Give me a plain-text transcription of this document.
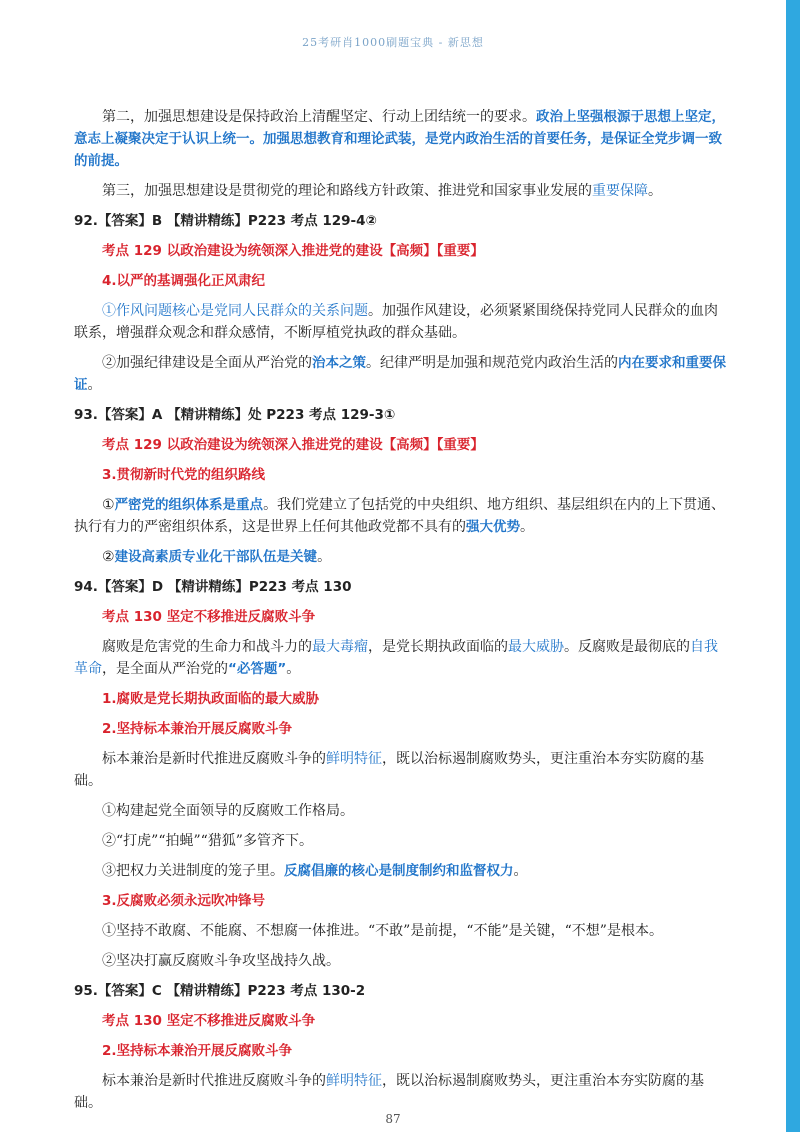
25考研肖1000刷题宝典 - 新思想

第二，加强思想建设是保持政治上清醒坚定、行动上团结统一的要求。政治上坚强根源于思想上坚定，意志上凝聚决定于认识上统一。加强思想教育和理论武装，是党内政治生活的首要任务，是保证全党步调一致的前提。

第三，加强思想建设是贯彻党的理论和路线方针政策、推进党和国家事业发展的重要保障。

92.【答案】B 【精讲精练】P223 考点 129-4②
考点 129 以政治建设为统领深入推进党的建设【高频】【重要】
4.以严的基调强化正风肃纪

①作风问题核心是党同人民群众的关系问题。加强作风建设，必须紧紧围绕保持党同人民群众的血肉联系，增强群众观念和群众感情，不断厚植党执政的群众基础。

②加强纪律建设是全面从严治党的治本之策。纪律严明是加强和规范党内政治生活的内在要求和重要保证。

93.【答案】A 【精讲精练】处 P223 考点 129-3①
考点 129 以政治建设为统领深入推进党的建设【高频】【重要】
3.贯彻新时代党的组织路线

①严密党的组织体系是重点。我们党建立了包括党的中央组织、地方组织、基层组织在内的上下贯通、执行有力的严密组织体系，这是世界上任何其他政党都不具有的强大优势。

②建设高素质专业化干部队伍是关键。

94.【答案】D 【精讲精练】P223 考点 130
考点 130 坚定不移推进反腐败斗争

腐败是危害党的生命力和战斗力的最大毒瘤，是党长期执政面临的最大威胁。反腐败是最彻底的自我革命，是全面从严治党的“必答题”。

1.腐败是党长期执政面临的最大威胁
2.坚持标本兼治开展反腐败斗争

标本兼治是新时代推进反腐败斗争的鲜明特征，既以治标遏制腐败势头，更注重治本夯实防腐的基础。

①构建起党全面领导的反腐败工作格局。

②“打虎”“拍蝇”“猎狐”多管齐下。

③把权力关进制度的笼子里。反腐倡廉的核心是制度制约和监督权力。

3.反腐败必须永远吹冲锋号

①坚持不敢腐、不能腐、不想腐一体推进。“不敢”是前提，“不能”是关键，“不想”是根本。

②坚决打赢反腐败斗争攻坚战持久战。

95.【答案】C 【精讲精练】P223 考点 130-2
考点 130 坚定不移推进反腐败斗争
2.坚持标本兼治开展反腐败斗争

标本兼治是新时代推进反腐败斗争的鲜明特征，既以治标遏制腐败势头，更注重治本夯实防腐的基础。

87
